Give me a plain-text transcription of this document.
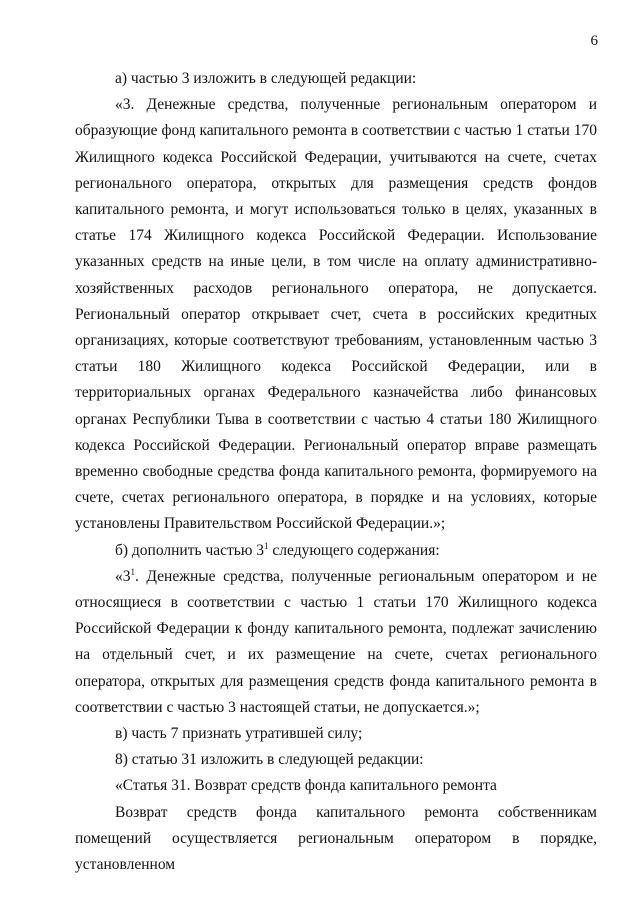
6

а) частью 3 изложить в следующей редакции:

«3. Денежные средства, полученные региональным оператором и образующие фонд капитального ремонта в соответствии с частью 1 статьи 170 Жилищного кодекса Российской Федерации, учитываются на счете, счетах регионального оператора, открытых для размещения средств фондов капитального ремонта, и могут использоваться только в целях, указанных в статье 174 Жилищного кодекса Российской Федерации. Использование указанных средств на иные цели, в том числе на оплату административно-хозяйственных расходов регионального оператора, не допускается. Региональный оператор открывает счет, счета в российских кредитных организациях, которые соответствуют требованиям, установленным частью 3 статьи 180 Жилищного кодекса Российской Федерации, или в территориальных органах Федерального казначейства либо финансовых органах Республики Тыва в соответствии с частью 4 статьи 180 Жилищного кодекса Российской Федерации. Региональный оператор вправе размещать временно свободные средства фонда капитального ремонта, формируемого на счете, счетах регионального оператора, в порядке и на условиях, которые установлены Правительством Российской Федерации.»;

б) дополнить частью $3^1$ следующего содержания:

«$3^1$. Денежные средства, полученные региональным оператором и не относящиеся в соответствии с частью 1 статьи 170 Жилищного кодекса Российской Федерации к фонду капитального ремонта, подлежат зачислению на отдельный счет, и их размещение на счете, счетах регионального оператора, открытых для размещения средств фонда капитального ремонта в соответствии с частью 3 настоящей статьи, не допускается.»;

в) часть 7 признать утратившей силу;

8) статью 31 изложить в следующей редакции:

«Статья 31. Возврат средств фонда капитального ремонта

Возврат средств фонда капитального ремонта собственникам помещений осуществляется региональным оператором в порядке, установленном
